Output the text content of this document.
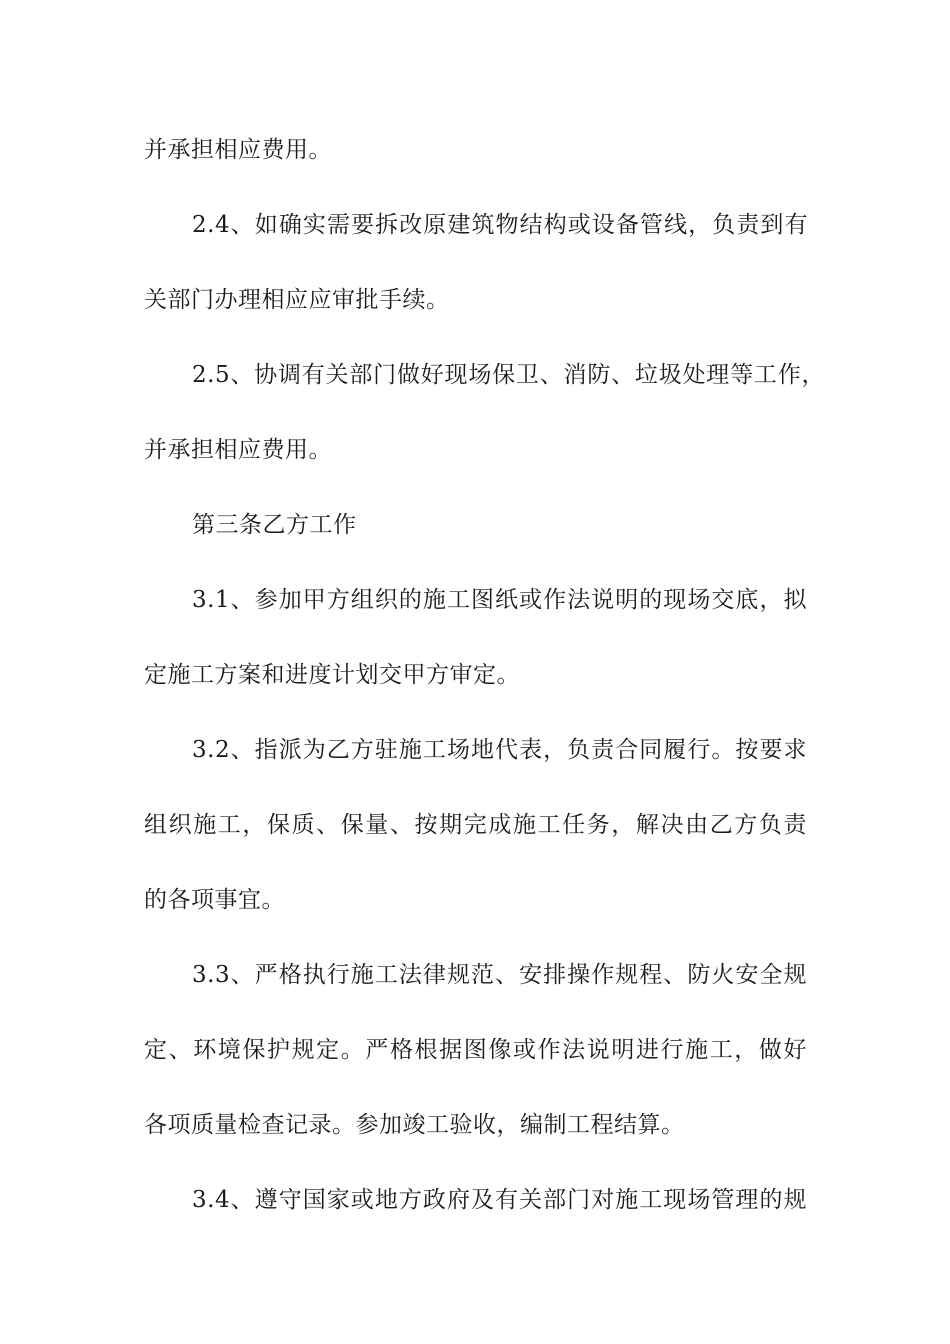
并承担相应费用。
2.4、如确实需要拆改原建筑物结构或设备管线，负责到有
关部门办理相应应审批手续。
2.5、协调有关部门做好现场保卫、消防、垃圾处理等工作，
并承担相应费用。
第三条乙方工作
3.1、参加甲方组织的施工图纸或作法说明的现场交底，拟
定施工方案和进度计划交甲方审定。
3.2、指派为乙方驻施工场地代表，负责合同履行。按要求
组织施工，保质、保量、按期完成施工任务，解决由乙方负责
的各项事宜。
3.3、严格执行施工法律规范、安排操作规程、防火安全规
定、环境保护规定。严格根据图像或作法说明进行施工，做好
各项质量检查记录。参加竣工验收，编制工程结算。
3.4、遵守国家或地方政府及有关部门对施工现场管理的规
